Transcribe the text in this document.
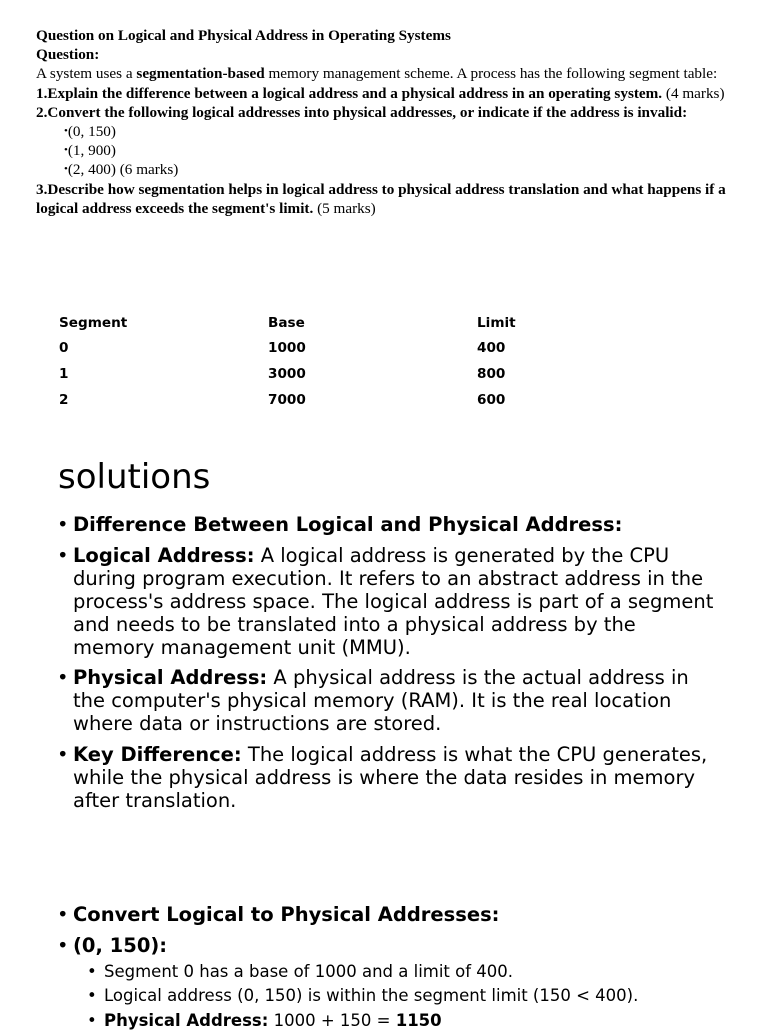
Question on Logical and Physical Address in Operating Systems

Question:

A system uses a segmentation-based memory management scheme. A process has the following segment table:

1.Explain the difference between a logical address and a physical address in an operating system. (4 marks)

2.Convert the following logical addresses into physical addresses, or indicate if the address is invalid:

•(0, 150)

•(1, 900)

•(2, 400) (6 marks)

3.Describe how segmentation helps in logical address to physical address translation and what happens if a logical address exceeds the segment's limit. (5 marks)

Segment	Base	Limit
0	1000	400
1	3000	800
2	7000	600
solutions
• Difference Between Logical and Physical Address:
• Logical Address: A logical address is generated by the CPU during program execution. It refers to an abstract address in the process's address space. The logical address is part of a segment and needs to be translated into a physical address by the memory management unit (MMU).
• Physical Address: A physical address is the actual address in the computer's physical memory (RAM). It is the real location where data or instructions are stored.
• Key Difference: The logical address is what the CPU generates, while the physical address is where the data resides in memory after translation.
• Convert Logical to Physical Addresses:
• (0, 150):
• Segment 0 has a base of 1000 and a limit of 400.
• Logical address (0, 150) is within the segment limit (150 < 400).
• Physical Address: 1000 + 150 = 1150
